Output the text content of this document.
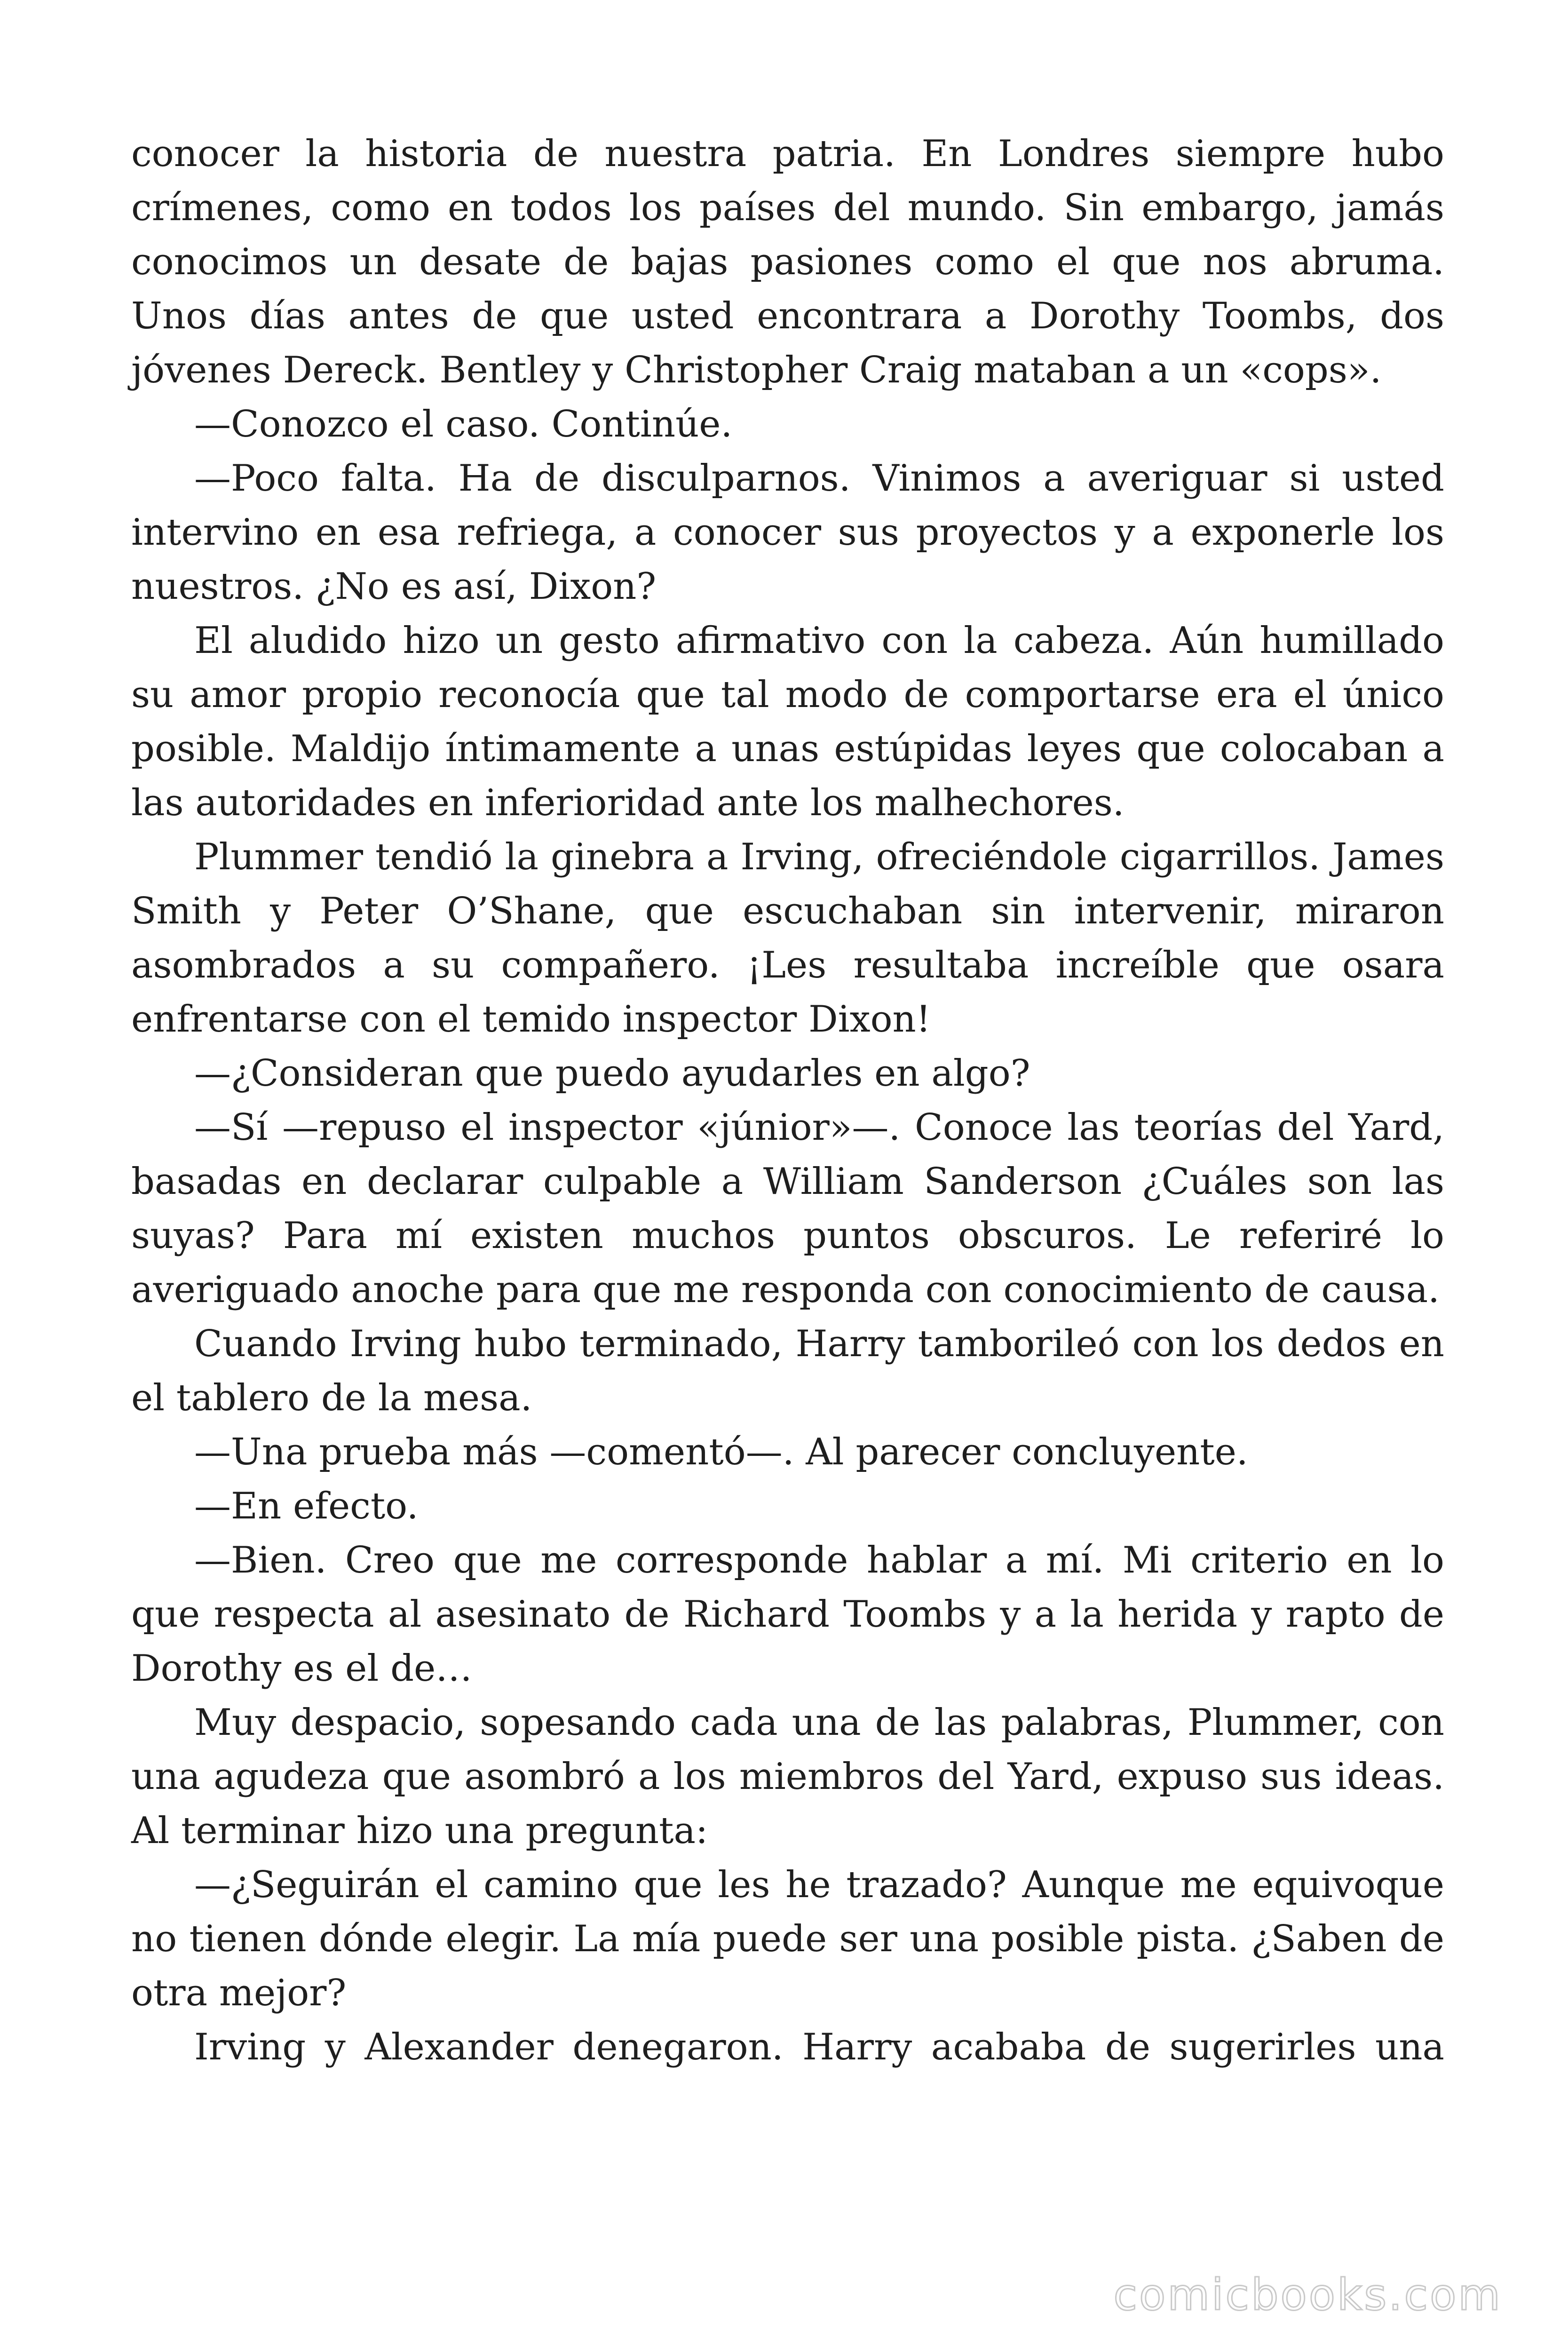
conocer la historia de nuestra patria. En Londres siempre hubo crímenes, como en todos los países del mundo. Sin embargo, jamás conocimos un desate de bajas pasiones como el que nos abruma. Unos días antes de que usted encontrara a Dorothy Toombs, dos jóvenes Dereck. Bentley y Christopher Craig mataban a un «cops».

—Conozco el caso. Continúe.

—Poco falta. Ha de disculparnos. Vinimos a averiguar si usted intervino en esa refriega, a conocer sus proyectos y a exponerle los nuestros. ¿No es así, Dixon?

El aludido hizo un gesto afirmativo con la cabeza. Aún humillado su amor propio reconocía que tal modo de comportarse era el único posible. Maldijo íntimamente a unas estúpidas leyes que colocaban a las autoridades en inferioridad ante los malhechores.

Plummer tendió la ginebra a Irving, ofreciéndole cigarrillos. James Smith y Peter O’Shane, que escuchaban sin intervenir, miraron asombrados a su compañero. ¡Les resultaba increíble que osara enfrentarse con el temido inspector Dixon!

—¿Consideran que puedo ayudarles en algo?

—Sí —repuso el inspector «júnior»—. Conoce las teorías del Yard, basadas en declarar culpable a William Sanderson ¿Cuáles son las suyas? Para mí existen muchos puntos obscuros. Le referiré lo averiguado anoche para que me responda con conocimiento de causa.

Cuando Irving hubo terminado, Harry tamborileó con los dedos en el tablero de la mesa.

—Una prueba más —comentó—. Al parecer concluyente.

—En efecto.

—Bien. Creo que me corresponde hablar a mí. Mi criterio en lo que respecta al asesinato de Richard Toombs y a la herida y rapto de Dorothy es el de…

Muy despacio, sopesando cada una de las palabras, Plummer, con una agudeza que asombró a los miembros del Yard, expuso sus ideas. Al terminar hizo una pregunta:

—¿Seguirán el camino que les he trazado? Aunque me equivoque no tienen dónde elegir. La mía puede ser una posible pista. ¿Saben de otra mejor?

Irving y Alexander denegaron. Harry acababa de sugerirles una

comicbooks.com
